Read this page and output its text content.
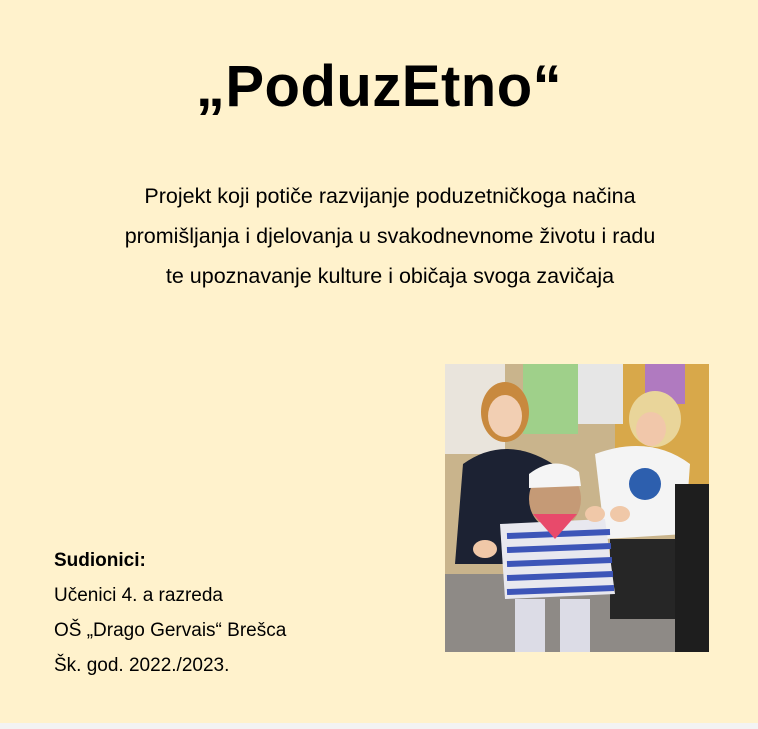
„PoduzEtno“
Projekt koji potiče razvijanje poduzetničkoga načina
promišljanja i djelovanja u svakodnevnome životu i radu
te upoznavanje kulture i običaja svoga zavičaja
Sudionici:
Učenici 4. a razreda
OŠ „Drago Gervais“ Brešca
Šk. god. 2022./2023.
